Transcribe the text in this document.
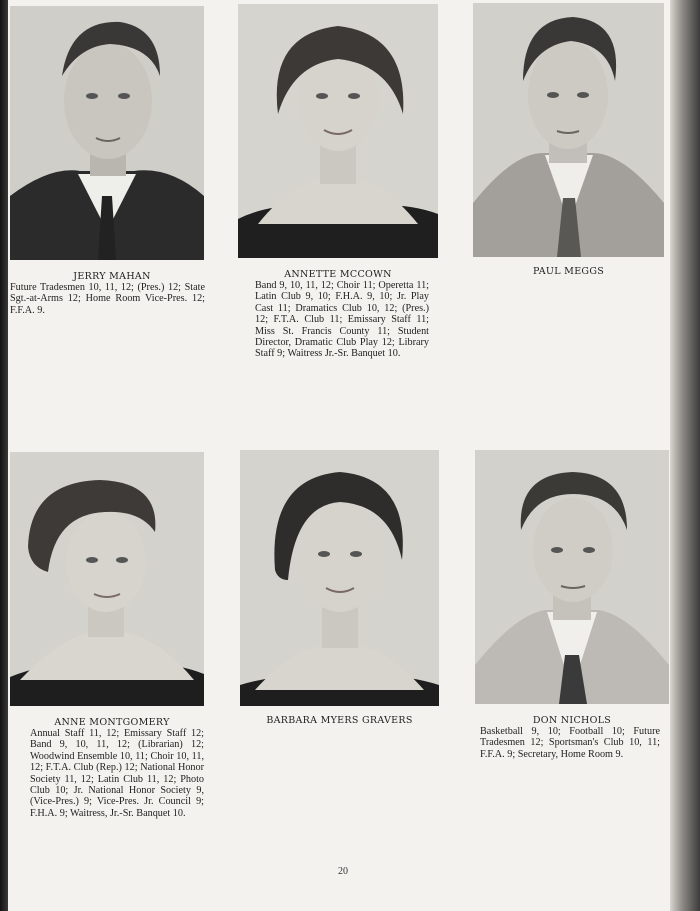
JERRY MAHAN
Future Tradesmen 10, 11, 12; (Pres.) 12; State Sgt.-at-Arms 12; Home Room Vice-Pres. 12; F.F.A. 9.
ANNETTE MCCOWN
Band 9, 10, 11, 12; Choir 11; Operetta 11; Latin Club 9, 10; F.H.A. 9, 10; Jr. Play Cast 11; Dramatics Club 10, 12; (Pres.) 12; F.T.A. Club 11; Emissary Staff 11; Miss St. Francis County 11; Student Director, Dramatic Club Play 12; Library Staff 9; Waitress Jr.-Sr. Banquet 10.
PAUL MEGGS
ANNE MONTGOMERY
Annual Staff 11, 12; Emissary Staff 12; Band 9, 10, 11, 12; (Librarian) 12; Woodwind Ensemble 10, 11; Choir 10, 11, 12; F.T.A. Club (Rep.) 12; National Honor Society 11, 12; Latin Club 11, 12; Photo Club 10; Jr. National Honor Society 9, (Vice-Pres.) 9; Vice-Pres. Jr. Council 9; F.H.A. 9; Waitress, Jr.-Sr. Banquet 10.
BARBARA MYERS GRAVERS	DON NICHOLS
Basketball 9, 10; Football 10; Future Tradesmen 12; Sportsman's Club 10, 11; F.F.A. 9; Secretary, Home Room 9.
20
